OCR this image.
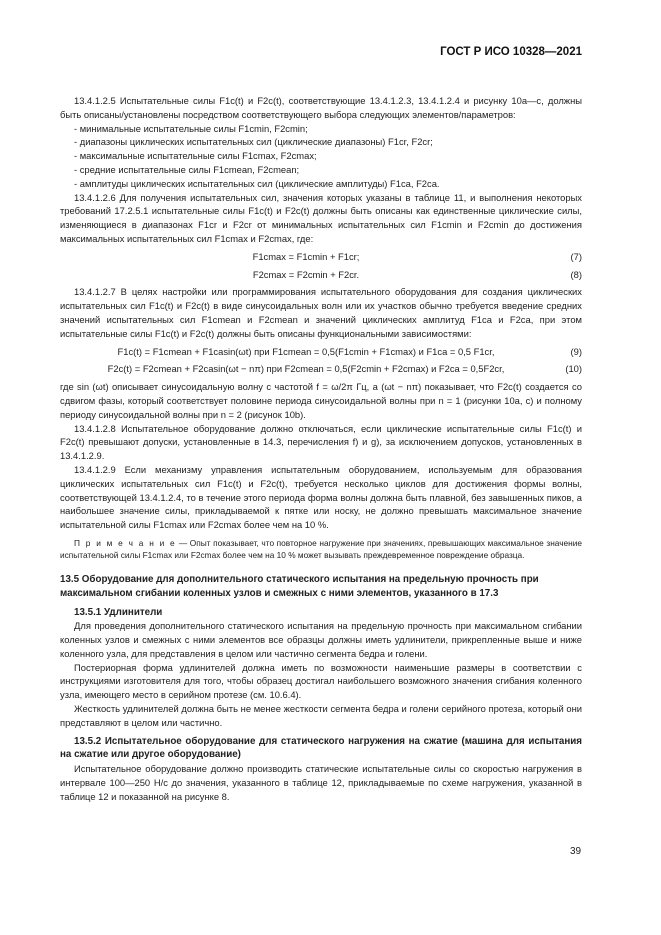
ГОСТ Р ИСО 10328—2021

13.4.1.2.5 Испытательные силы F1c(t) и F2c(t), соответствующие 13.4.1.2.3, 13.4.1.2.4 и рисунку 10a—c, должны быть описаны/установлены посредством соответствующего выбора следующих элементов/параметров:

- минимальные испытательные силы F1cmin, F2cmin;

- диапазоны циклических испытательных сил (циклические диапазоны) F1cr, F2cr;

- максимальные испытательные силы F1cmax, F2cmax;

- средние испытательные силы F1cmean, F2cmean;

- амплитуды циклических испытательных сил (циклические амплитуды) F1ca, F2ca.

13.4.1.2.6 Для получения испытательных сил, значения которых указаны в таблице 11, и выполнения некоторых требований 17.2.5.1 испытательные силы F1c(t) и F2c(t) должны быть описаны как единственные циклические силы, изменяющиеся в диапазонах F1cr и F2cr от минимальных испытательных сил F1cmin и F2cmin до достижения максимальных испытательных сил F1cmax и F2cmax, где:

F1cmax = F1cmin + F1cr;	(7)
F2cmax = F2cmin + F2cr.	(8)

13.4.1.2.7 В целях настройки или программирования испытательного оборудования для создания циклических испытательных сил F1c(t) и F2c(t) в виде синусоидальных волн или их участков обычно требуется введение средних значений испытательных сил F1cmean и F2cmean и значений циклических амплитуд F1ca и F2ca, при этом испытательные силы F1c(t) и F2c(t) должны быть описаны функциональными зависимостями:

F1c(t) = F1cmean + F1casin(ωt) при F1cmean = 0,5(F1cmin + F1cmax) и F1ca = 0,5 F1cr,	(9)
F2c(t) = F2cmean + F2casin(ωt − nπ) при F2cmean = 0,5(F2cmin + F2cmax) и F2ca = 0,5F2cr,	(10)

где sin (ωt) описывает синусоидальную волну с частотой f = ω/2π Гц, a (ωt − nπ) показывает, что F2c(t) создается со сдвигом фазы, который соответствует половине периода синусоидальной волны при n = 1 (рисунки 10a, c) и полному периоду синусоидальной волны при n = 2 (рисунок 10b).

13.4.1.2.8 Испытательное оборудование должно отключаться, если циклические испытательные силы F1c(t) и F2c(t) превышают допуски, установленные в 14.3, перечисления f) и g), за исключением допусков, установленных в 13.4.1.2.9.

13.4.1.2.9 Если механизму управления испытательным оборудованием, используемым для образования циклических испытательных сил F1c(t) и F2c(t), требуется несколько циклов для достижения формы волны, соответствующей 13.4.1.2.4, то в течение этого периода форма волны должна быть плавной, без завышенных пиков, а наибольшее значение силы, прикладываемой к пятке или носку, не должно превышать максимальное значение испытательной силы F1cmax или F2cmax более чем на 10 %.

П р и м е ч а н и е — Опыт показывает, что повторное нагружение при значениях, превышающих максимальное значение испытательной силы F1cmax или F2cmax более чем на 10 % может вызывать преждевременное повреждение образца.

13.5 Оборудование для дополнительного статического испытания на предельную прочность при максимальном сгибании коленных узлов и смежных с ними элементов, указанного в 17.3

13.5.1 Удлинители

Для проведения дополнительного статического испытания на предельную прочность при максимальном сгибании коленных узлов и смежных с ними элементов все образцы должны иметь удлинители, прикрепленные выше и ниже коленного узла, для представления в целом или частично сегмента бедра и голени.

Постериорная форма удлинителей должна иметь по возможности наименьшие размеры в соответствии с инструкциями изготовителя для того, чтобы образец достигал наибольшего возможного значения сгибания коленного узла, имеющего место в серийном протезе (см. 10.6.4).

Жесткость удлинителей должна быть не менее жесткости сегмента бедра и голени серийного протеза, который они представляют в целом или частично.

13.5.2 Испытательное оборудование для статического нагружения на сжатие (машина для испытания на сжатие или другое оборудование)

Испытательное оборудование должно производить статические испытательные силы со скоростью нагружения в интервале 100—250 Н/с до значения, указанного в таблице 12, прикладываемые по схеме нагружения, указанной в таблице 12 и показанной на рисунке 8.

39
